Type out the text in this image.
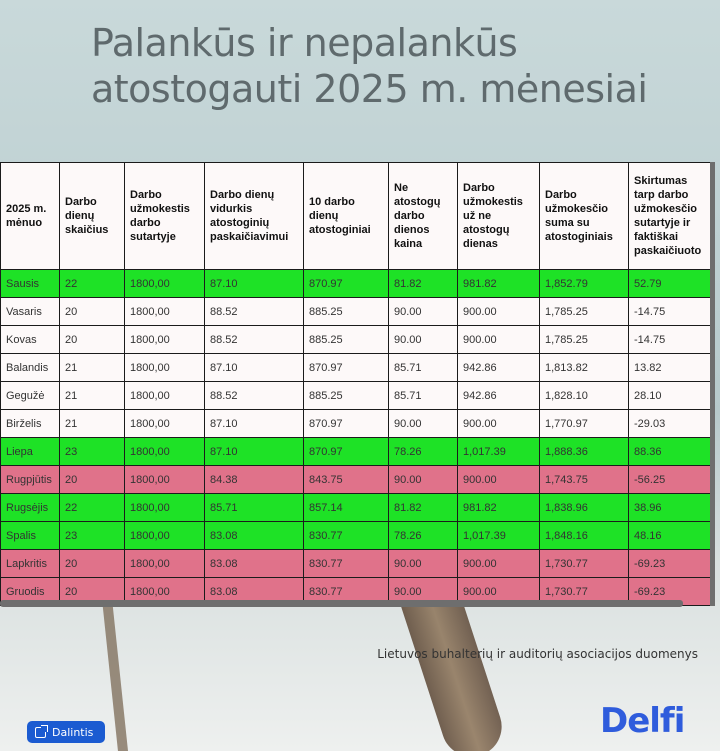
Palankūs ir nepalankūs
atostogauti 2025 m. mėnesiai
2025 m. mėnuo	Darbo dienų skaičius	Darbo užmokestis darbo sutartyje	Darbo dienų vidurkis atostoginių paskaičiavimui	10 darbo dienų atostoginiai	Ne atostogų darbo dienos kaina	Darbo užmokestis už ne atostogų dienas	Darbo užmokesčio suma su atostoginiais	Skirtumas tarp darbo užmokesčio sutartyje ir faktiškai paskaičiuoto
Sausis	22	1800,00	87.10	870.97	81.82	981.82	1,852.79	52.79
Vasaris	20	1800,00	88.52	885.25	90.00	900.00	1,785.25	-14.75
Kovas	20	1800,00	88.52	885.25	90.00	900.00	1,785.25	-14.75
Balandis	21	1800,00	87.10	870.97	85.71	942.86	1,813.82	13.82
Gegužė	21	1800,00	88.52	885.25	85.71	942.86	1,828.10	28.10
Birželis	21	1800,00	87.10	870.97	90.00	900.00	1,770.97	-29.03
Liepa	23	1800,00	87.10	870.97	78.26	1,017.39	1,888.36	88.36
Rugpjūtis	20	1800,00	84.38	843.75	90.00	900.00	1,743.75	-56.25
Rugsėjis	22	1800,00	85.71	857.14	81.82	981.82	1,838.96	38.96
Spalis	23	1800,00	83.08	830.77	78.26	1,017.39	1,848.16	48.16
Lapkritis	20	1800,00	83.08	830.77	90.00	900.00	1,730.77	-69.23
Gruodis	20	1800,00	83.08	830.77	90.00	900.00	1,730.77	-69.23
Lietuvos buhalterių ir auditorių asociacijos duomenys
Dalintis	Delfi
